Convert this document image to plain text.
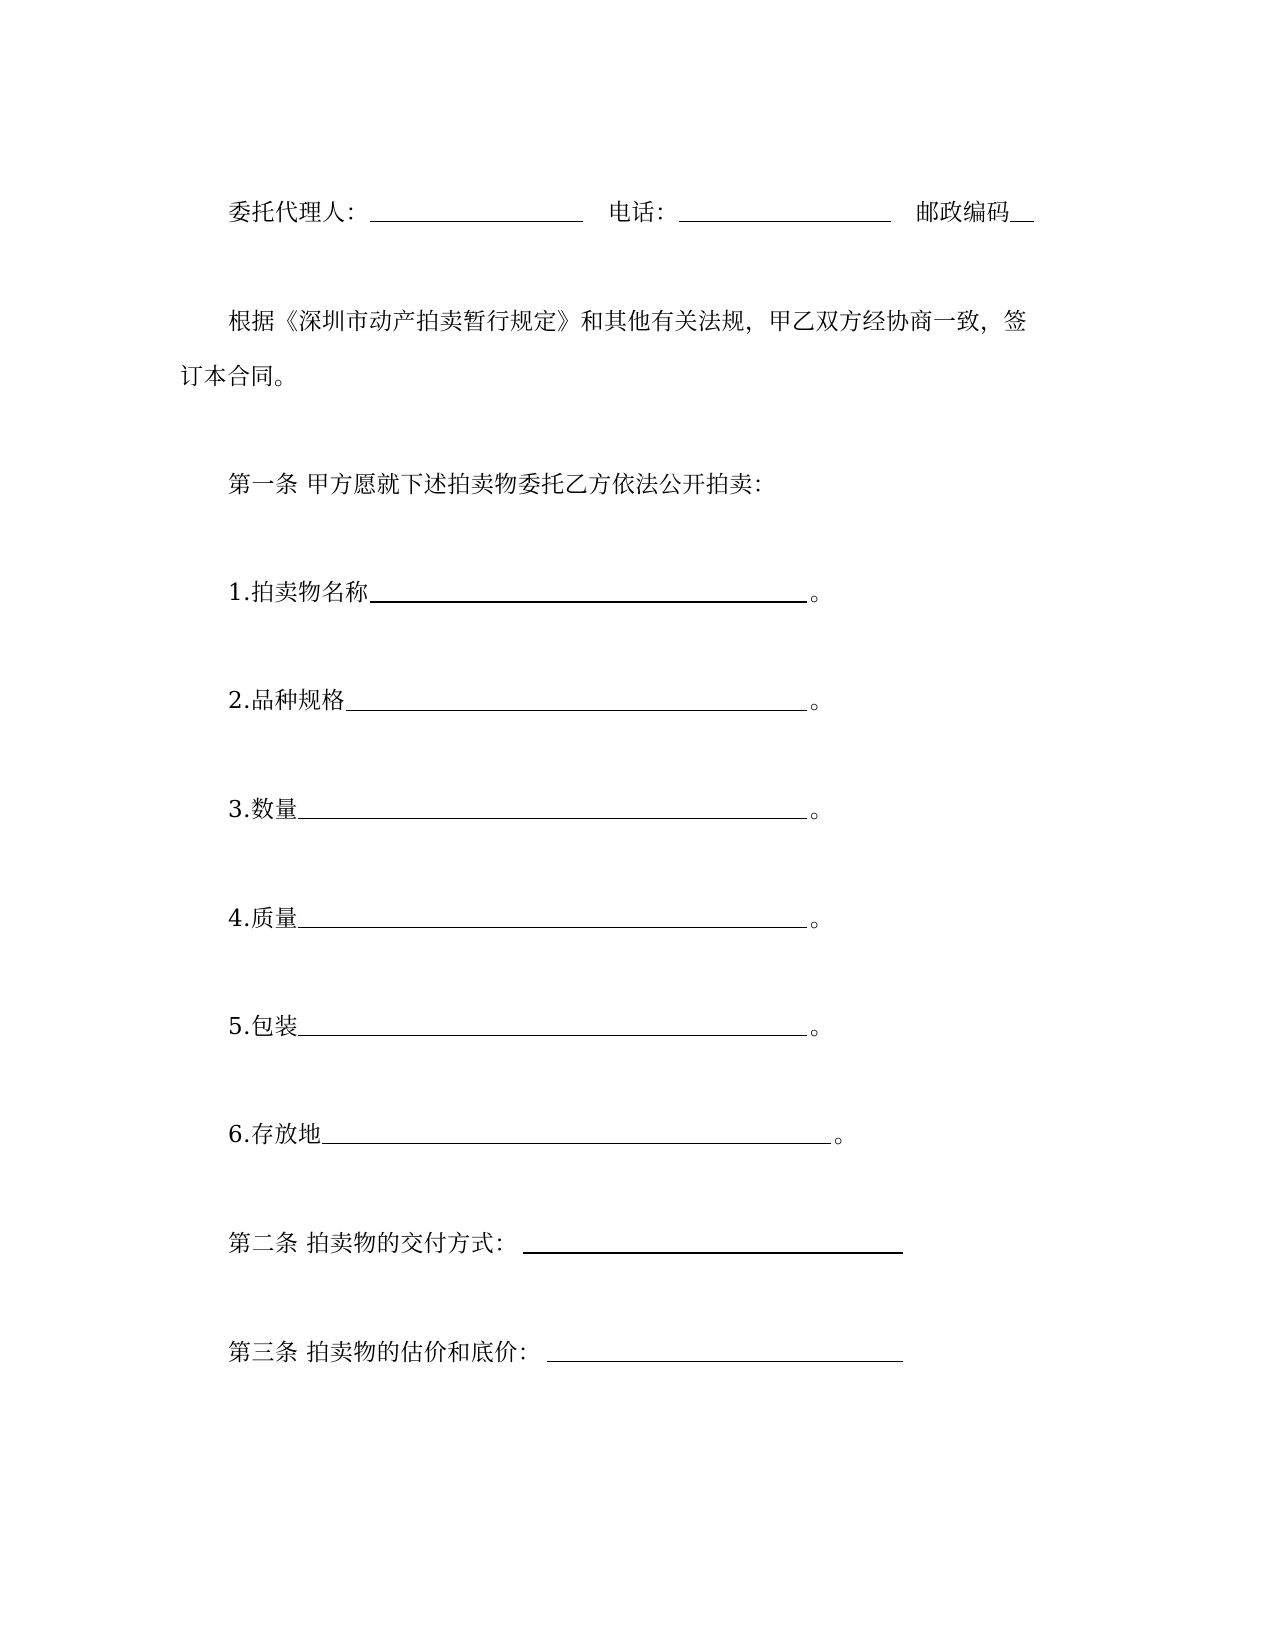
委托代理人：	电话：	邮政编码
根据《深圳市动产拍卖暂行规定》和其他有关法规，甲乙双方经协商一致，签
订本合同。
第一条 甲方愿就下述拍卖物委托乙方依法公开拍卖：
1.拍卖物名称	。
2.品种规格	。
3.数量	。
4.质量	。
5.包装	。
6.存放地	。
第二条 拍卖物的交付方式：
第三条 拍卖物的估价和底价：
